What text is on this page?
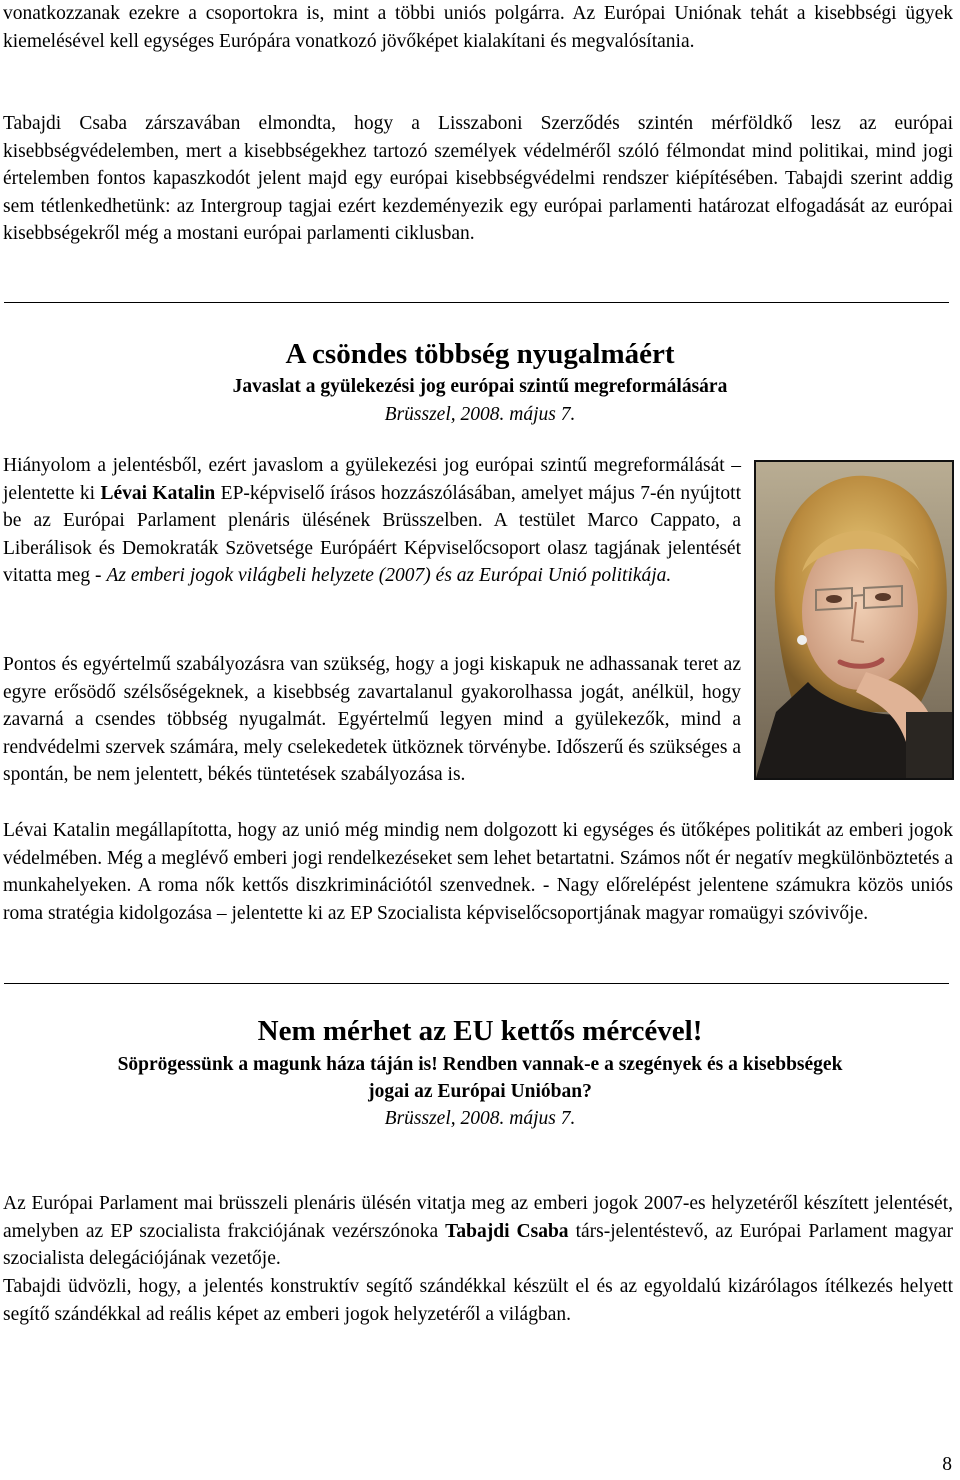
vonatkozzanak ezekre a csoportokra is, mint a többi uniós polgárra. Az Európai Uniónak tehát a kisebbségi ügyek kiemelésével kell egységes Európára vonatkozó jövőképet kialakítani és megvalósítania.

Tabajdi Csaba zárszavában elmondta, hogy a Lisszaboni Szerződés szintén mérföldkő lesz az európai kisebbségvédelemben, mert a kisebbségekhez tartozó személyek védelméről szóló félmondat mind politikai, mind jogi értelemben fontos kapaszkodót jelent majd egy európai kisebbségvédelmi rendszer kiépítésében. Tabajdi szerint addig sem tétlenkedhetünk: az Intergroup tagjai ezért kezdeményezik egy európai parlamenti határozat elfogadását az európai kisebbségekről még a mostani európai parlamenti ciklusban.

A csöndes többség nyugalmáért
Javaslat a gyülekezési jog európai szintű megreformálására

Brüsszel, 2008. május 7.

Hiányolom a jelentésből, ezért javaslom a gyülekezési jog európai szintű megreformálását – jelentette ki Lévai Katalin EP-képviselő írásos hozzászólásában, amelyet május 7-én nyújtott be az Európai Parlament plenáris ülésének Brüsszelben. A testület Marco Cappato, a Liberálisok és Demokraták Szövetsége Európáért Képviselőcsoport olasz tagjának jelentését vitatta meg - Az emberi jogok világbeli helyzete (2007) és az Európai Unió politikája.

Pontos és egyértelmű szabályozásra van szükség, hogy a jogi kiskapuk ne adhassanak teret az egyre erősödő szélsőségeknek, a kisebbség zavartalanul gyakorolhassa jogát, anélkül, hogy zavarná a csendes többség nyugalmát. Egyértelmű legyen mind a gyülekezők, mind a rendvédelmi szervek számára, mely cselekedetek ütköznek törvénybe. Időszerű és szükséges a spontán, be nem jelentett, békés tüntetések szabályozása is.

Lévai Katalin megállapította, hogy az unió még mindig nem dolgozott ki egységes és ütőképes politikát az emberi jogok védelmében. Még a meglévő emberi jogi rendelkezéseket sem lehet betartatni. Számos nőt ér negatív megkülönböztetés a munkahelyeken. A roma nők kettős diszkriminációtól szenvednek. - Nagy előrelépést jelentene számukra közös uniós roma stratégia kidolgozása – jelentette ki az EP Szocialista képviselőcsoportjának magyar romaügyi szóvivője.

Nem mérhet az EU kettős mércével!
Söprögessünk a magunk háza táján is! Rendben vannak-e a szegények és a kisebbségek
jogai az Európai Unióban?

Brüsszel, 2008. május 7.

Az Európai Parlament mai brüsszeli plenáris ülésén vitatja meg az emberi jogok 2007-es helyzetéről készített jelentését, amelyben az EP szocialista frakciójának vezérszónoka Tabajdi Csaba társ-jelentéstevő, az Európai Parlament magyar szocialista delegációjának vezetője.

Tabajdi üdvözli, hogy, a jelentés konstruktív segítő szándékkal készült el és az egyoldalú kizárólagos ítélkezés helyett segítő szándékkal ad reális képet az emberi jogok helyzetéről a világban.

8
